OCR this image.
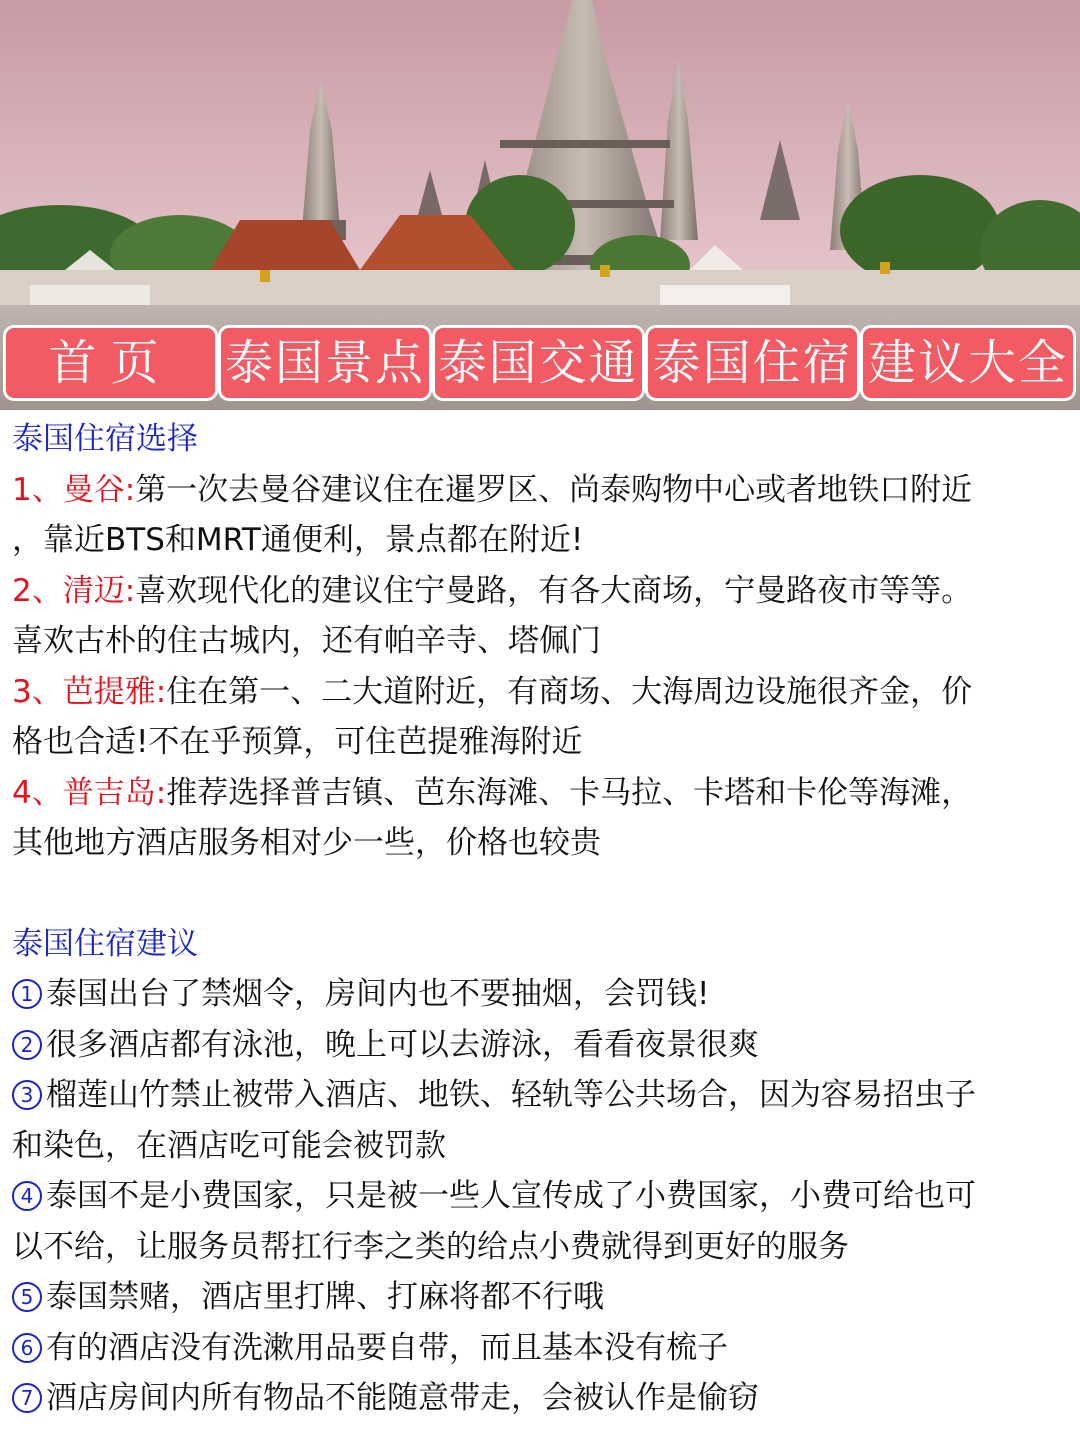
首页	泰国景点 泰国交通 泰国住宿 建议大全
泰国住宿选择
1、曼谷:第一次去曼谷建议住在暹罗区、尚泰购物中心或者地铁口附近
，靠近BTS和MRT通便利，景点都在附近!
2、清迈:喜欢现代化的建议住宁曼路，有各大商场，宁曼路夜市等等。
喜欢古朴的住古城内，还有帕辛寺、塔佩门
3、芭提雅:住在第一、二大道附近，有商场、大海周边设施很齐金，价
格也合适!不在乎预算，可住芭提雅海附近
4、普吉岛:推荐选择普吉镇、芭东海滩、卡马拉、卡塔和卡伦等海滩，
其他地方酒店服务相对少一些，价格也较贵
泰国住宿建议
1 泰国出台了禁烟令，房间内也不要抽烟，会罚钱!
2 很多酒店都有泳池，晚上可以去游泳，看看夜景很爽
3 榴莲山竹禁止被带入酒店、地铁、轻轨等公共场合，因为容易招虫子
和染色，在酒店吃可能会被罚款
4 泰国不是小费国家，只是被一些人宣传成了小费国家，小费可给也可
以不给，让服务员帮扛行李之类的给点小费就得到更好的服务
5 泰国禁赌，酒店里打牌、打麻将都不行哦
6 有的酒店没有洗漱用品要自带，而且基本没有梳子
7 酒店房间内所有物品不能随意带走，会被认作是偷窃
